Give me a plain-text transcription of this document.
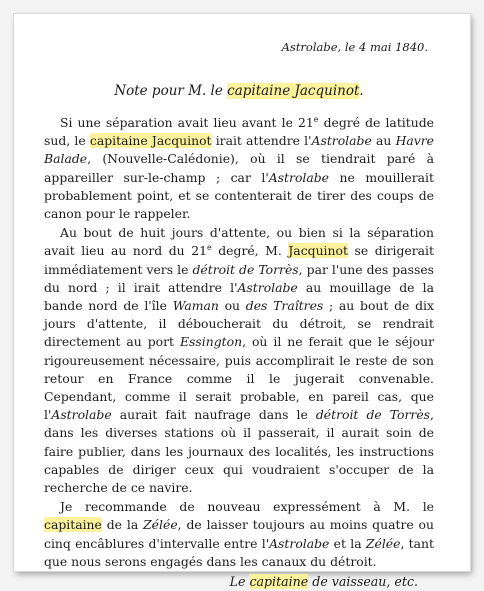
Astrolabe, le 4 mai 1840.
Note pour M. le capitaine Jacquinot.

Si une séparation avait lieu avant le 21e degré de latitude sud, le capitaine Jacquinot irait attendre l'Astrolabe au Havre Balade, (Nouvelle-Calédonie), où il se tiendrait paré à appareiller sur-le-champ ; car l'Astrolabe ne mouillerait probablement point, et se contenterait de tirer des coups de canon pour le rappeler.

Au bout de huit jours d'attente, ou bien si la séparation avait lieu au nord du 21e degré, M. Jacquinot se dirigerait immédiatement vers le détroit de Torrès, par l'une des passes du nord ; il irait attendre l'Astrolabe au mouillage de la bande nord de l'île Waman ou des Traîtres ; au bout de dix jours d'attente, il déboucherait du détroit, se rendrait directement au port Essington, où il ne ferait que le séjour rigoureusement nécessaire, puis accomplirait le reste de son retour en France comme il le jugerait convenable. Cependant, comme il serait probable, en pareil cas, que l'Astrolabe aurait fait naufrage dans le détroit de Torrès, dans les diverses stations où il passerait, il aurait soin de faire publier, dans les journaux des localités, les instructions capables de diriger ceux qui voudraient s'occuper de la recherche de ce navire.

Je recommande de nouveau expressément à M. le capitaine de la Zélée, de laisser toujours au moins quatre ou cinq encâblures d'intervalle entre l'Astrolabe et la Zélée, tant que nous serons engagés dans les canaux du détroit.

Le capitaine de vaisseau, etc.
